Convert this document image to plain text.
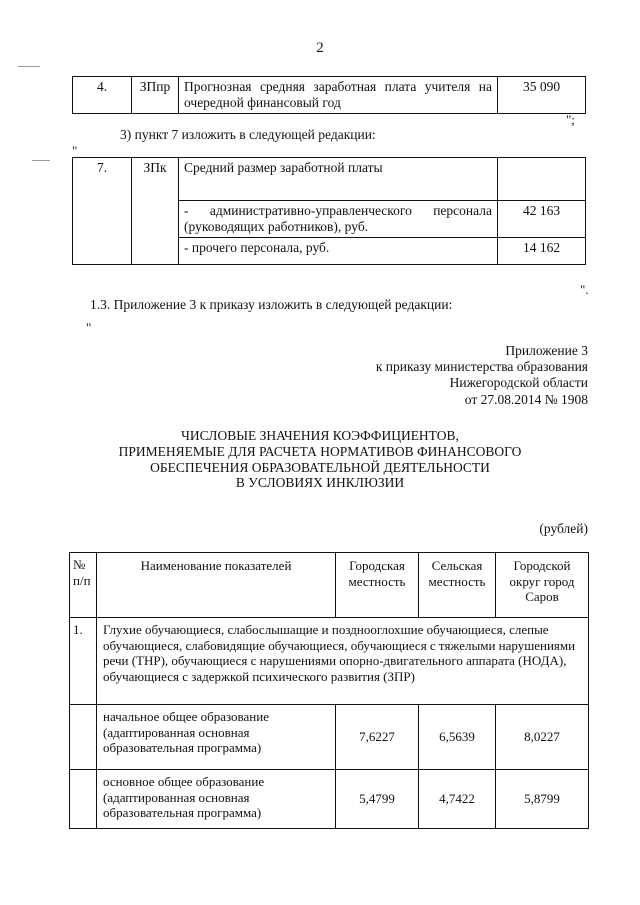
2
4.	ЗПпр	Прогнозная средняя заработная плата учителя на
очередной финансовый год
	35 090
";
3) пункт 7 изложить в следующей редакции:
"
7.	ЗПк	Средний размер заработной платы	

		-  административно-управленческого  персонала
(руководящих работников), руб.	42 163
		- прочего персонала, руб.	14 162
".
1.3. Приложение 3 к приказу изложить в следующей редакции:
"
Приложение 3
к приказу министерства образования
Нижегородской области
от 27.08.2014 № 1908
ЧИСЛОВЫЕ ЗНАЧЕНИЯ КОЭФФИЦИЕНТОВ,
ПРИМЕНЯЕМЫЕ ДЛЯ РАСЧЕТА НОРМАТИВОВ ФИНАНСОВОГО
ОБЕСПЕЧЕНИЯ ОБРАЗОВАТЕЛЬНОЙ ДЕЯТЕЛЬНОСТИ
В УСЛОВИЯХ ИНКЛЮЗИИ
(рублей)
№ п/п	Наименование показателей	Городская местность	Сельская местность	Городской округ город Саров
1.	Глухие обучающиеся, слабослышащие и позднооглохшие обучающиеся, слепые обучающиеся, слабовидящие обучающиеся, обучающиеся с тяжелыми нарушениями речи (ТНР), обучающиеся с нарушениями опорно-двигательного аппарата (НОДА), обучающиеся с задержкой психического развития (ЗПР)			
	начальное общее образование (адаптированная основная образовательная программа)	7,6227	6,5639	8,0227
	основное общее образование (адаптированная основная образовательная программа)	5,4799	4,7422	5,8799
